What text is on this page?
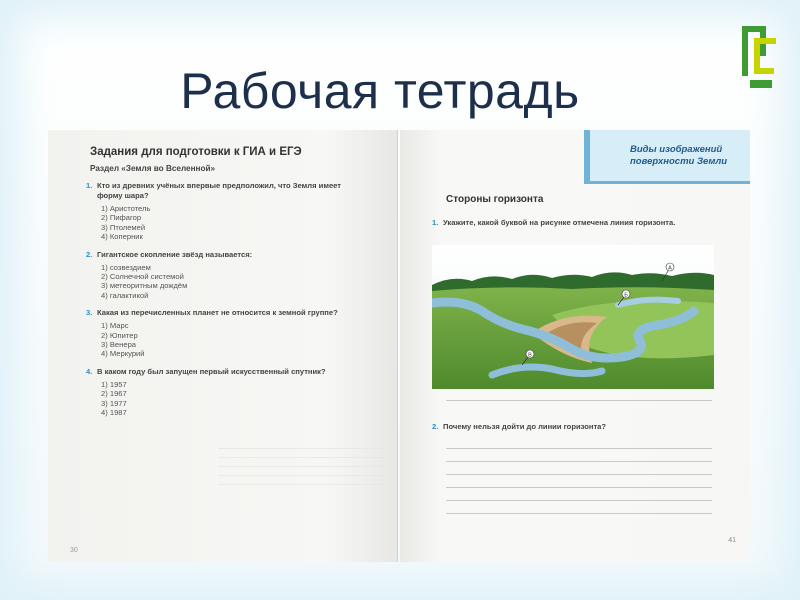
Рабочая тетрадь
Задания для подготовки к ГИА и ЕГЭ
Раздел «Земля во Вселенной»
1. Кто из древних учёных впервые предположил, что Земля имеет форму шара?
1) Аристотель
2) Пифагор
3) Птолемей
4) Коперник
2. Гигантское скопление звёзд называется:
1) созвездием
2) Солнечной системой
3) метеоритным дождём
4) галактикой
3. Какая из перечисленных планет не относится к земной группе?
1) Марс
2) Юпитер
3) Венера
4) Меркурий
4. В каком году был запущен первый искусственный спутник?
1) 1957
2) 1967
3) 1977
4) 1987
30
Виды изображений поверхности Земли
Стороны горизонта
1. Укажите, какой буквой на рисунке отмечена линия горизонта.
А
Б
В
2. Почему нельзя дойти до линии горизонта?
41
